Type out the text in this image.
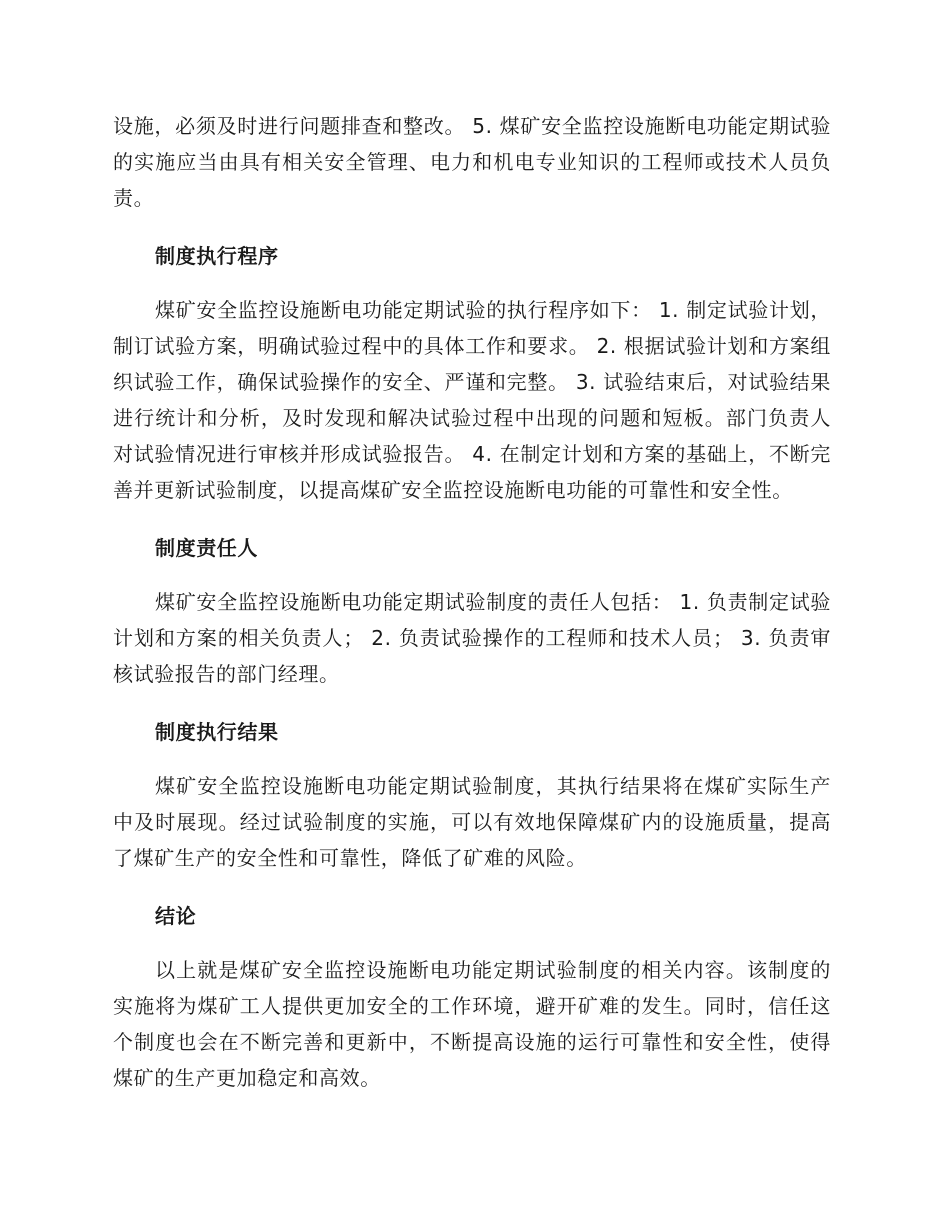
设施，必须及时进行问题排查和整改。 5. 煤矿安全监控设施断电功能定期试验的实施应当由具有相关安全管理、电力和机电专业知识的工程师或技术人员负责。

制度执行程序

煤矿安全监控设施断电功能定期试验的执行程序如下： 1. 制定试验计划，制订试验方案，明确试验过程中的具体工作和要求。 2. 根据试验计划和方案组织试验工作，确保试验操作的安全、严谨和完整。 3. 试验结束后，对试验结果进行统计和分析，及时发现和解决试验过程中出现的问题和短板。部门负责人对试验情况进行审核并形成试验报告。 4. 在制定计划和方案的基础上，不断完善并更新试验制度，以提高煤矿安全监控设施断电功能的可靠性和安全性。

制度责任人

煤矿安全监控设施断电功能定期试验制度的责任人包括： 1. 负责制定试验计划和方案的相关负责人； 2. 负责试验操作的工程师和技术人员； 3. 负责审核试验报告的部门经理。

制度执行结果

煤矿安全监控设施断电功能定期试验制度，其执行结果将在煤矿实际生产中及时展现。经过试验制度的实施，可以有效地保障煤矿内的设施质量，提高了煤矿生产的安全性和可靠性，降低了矿难的风险。

结论

以上就是煤矿安全监控设施断电功能定期试验制度的相关内容。该制度的实施将为煤矿工人提供更加安全的工作环境，避开矿难的发生。同时，信任这个制度也会在不断完善和更新中，不断提高设施的运行可靠性和安全性，使得煤矿的生产更加稳定和高效。
